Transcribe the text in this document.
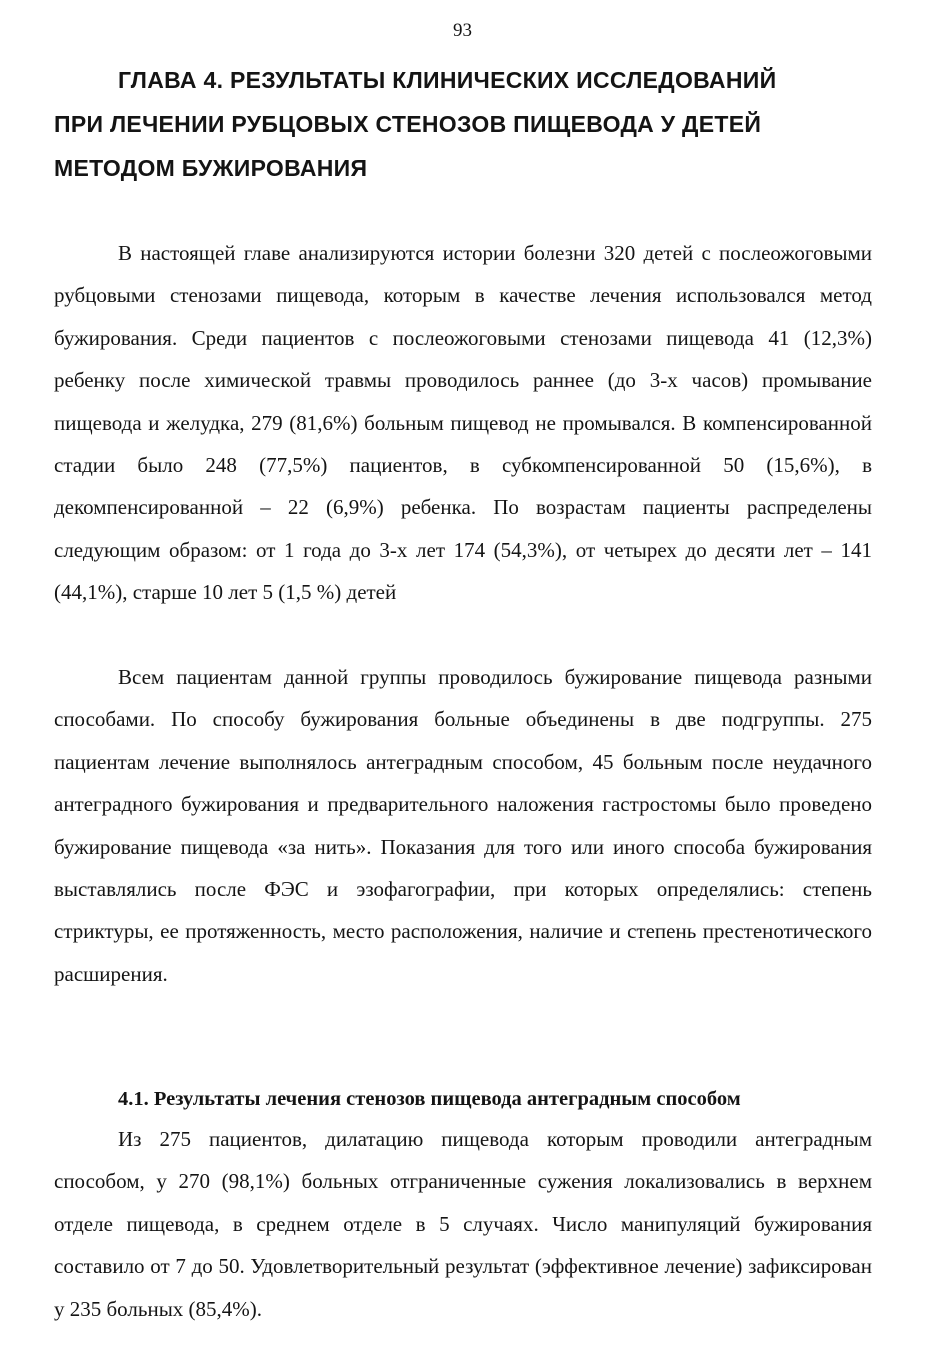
93
ГЛАВА 4. РЕЗУЛЬТАТЫ КЛИНИЧЕСКИХ ИССЛЕДОВАНИЙ
ПРИ ЛЕЧЕНИИ РУБЦОВЫХ СТЕНОЗОВ ПИЩЕВОДА У ДЕТЕЙ
МЕТОДОМ БУЖИРОВАНИЯ

В настоящей главе анализируются истории болезни 320 детей с послеожоговыми рубцовыми стенозами пищевода, которым в качестве лечения использовался метод бужирования. Среди пациентов с послеожоговыми стенозами пищевода 41 (12,3%) ребенку после химической травмы проводилось раннее (до 3-х часов) промывание пищевода и желудка, 279 (81,6%) больным пищевод не промывался. В компенсированной стадии было 248 (77,5%) пациентов, в субкомпенсированной 50 (15,6%), в декомпенсированной – 22 (6,9%) ребенка. По возрастам пациенты распределены следующим образом: от 1 года до 3-х лет 174 (54,3%), от четырех до десяти лет – 141 (44,1%), старше 10 лет 5 (1,5 %) детей

Всем пациентам данной группы проводилось бужирование пищевода разными способами. По способу бужирования больные объединены в две подгруппы. 275 пациентам лечение выполнялось антеградным способом, 45 больным после неудачного антеградного бужирования и предварительного наложения гастростомы было проведено бужирование пищевода «за нить». Показания для того или иного способа бужирования выставлялись после ФЭС и эзофагографии, при которых определялись: степень стриктуры, ее протяженность, место расположения, наличие и степень престенотического расширения.

4.1. Результаты лечения стенозов пищевода антеградным способом

Из 275 пациентов, дилатацию пищевода которым проводили антеградным способом, у 270 (98,1%) больных отграниченные сужения локализовались в верхнем отделе пищевода, в среднем отделе в 5 случаях. Число манипуляций бужирования составило от 7 до 50. Удовлетворительный результат (эффективное лечение) зафиксирован у 235 больных (85,4%).
